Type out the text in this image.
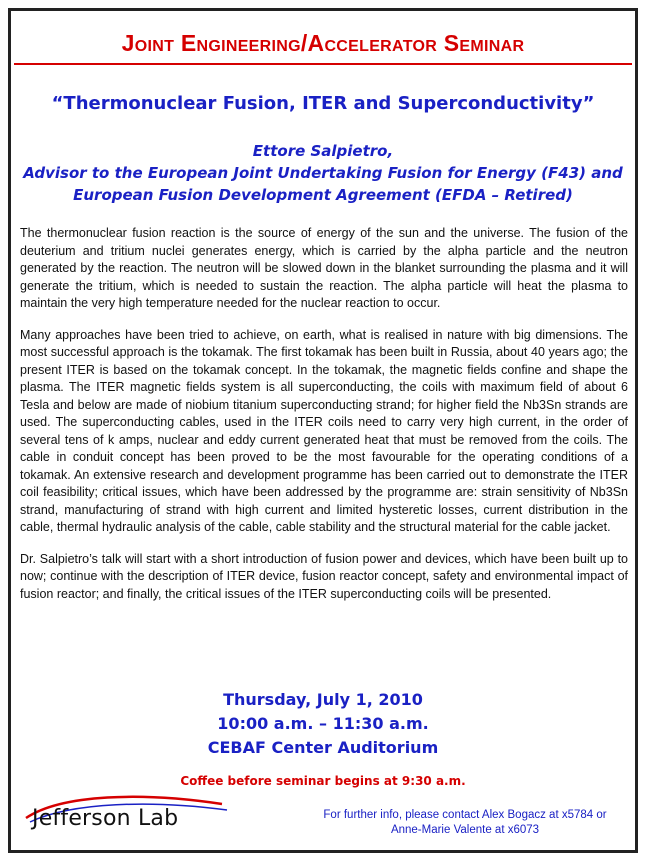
Joint Engineering/Accelerator Seminar
“Thermonuclear Fusion, ITER and Superconductivity”
Ettore Salpietro,
Advisor to the European Joint Undertaking Fusion for Energy (F43) and
European Fusion Development Agreement (EFDA – Retired)

The thermonuclear fusion reaction is the source of energy of the sun and the universe. The fusion of the deuterium and tritium nuclei generates energy, which is carried by the alpha particle and the neutron generated by the reaction. The neutron will be slowed down in the blanket surrounding the plasma and it will generate the tritium, which is needed to sustain the reaction. The alpha particle will heat the plasma to maintain the very high temperature needed for the nuclear reaction to occur.

Many approaches have been tried to achieve, on earth, what is realised in nature with big dimensions. The most successful approach is the tokamak. The first tokamak has been built in Russia, about 40 years ago; the present ITER is based on the tokamak concept. In the tokamak, the magnetic fields confine and shape the plasma. The ITER magnetic fields system is all superconducting, the coils with maximum field of about 6 Tesla and below are made of niobium titanium superconducting strand; for higher field the Nb3Sn strands are used. The superconducting cables, used in the ITER coils need to carry very high current, in the order of several tens of k amps, nuclear and eddy current generated heat that must be removed from the coils. The cable in conduit concept has been proved to be the most favourable for the operating conditions of a tokamak. An extensive research and development programme has been carried out to demonstrate the ITER coil feasibility; critical issues, which have been addressed by the programme are: strain sensitivity of Nb3Sn strand, manufacturing of strand with high current and limited hysteretic losses, current distribution in the cable, thermal hydraulic analysis of the cable, cable stability and the structural material for the cable jacket.

Dr. Salpietro’s talk will start with a short introduction of fusion power and devices, which have been built up to now; continue with the description of ITER device, fusion reactor concept, safety and environmental impact of fusion reactor; and finally, the critical issues of the ITER superconducting coils will be presented.

Thursday, July 1, 2010
10:00 a.m. – 11:30 a.m.
CEBAF Center Auditorium
Coffee before seminar begins at 9:30 a.m.
Jefferson Lab	For further info, please contact Alex Bogacz at x5784 or
Anne-Marie Valente at x6073
